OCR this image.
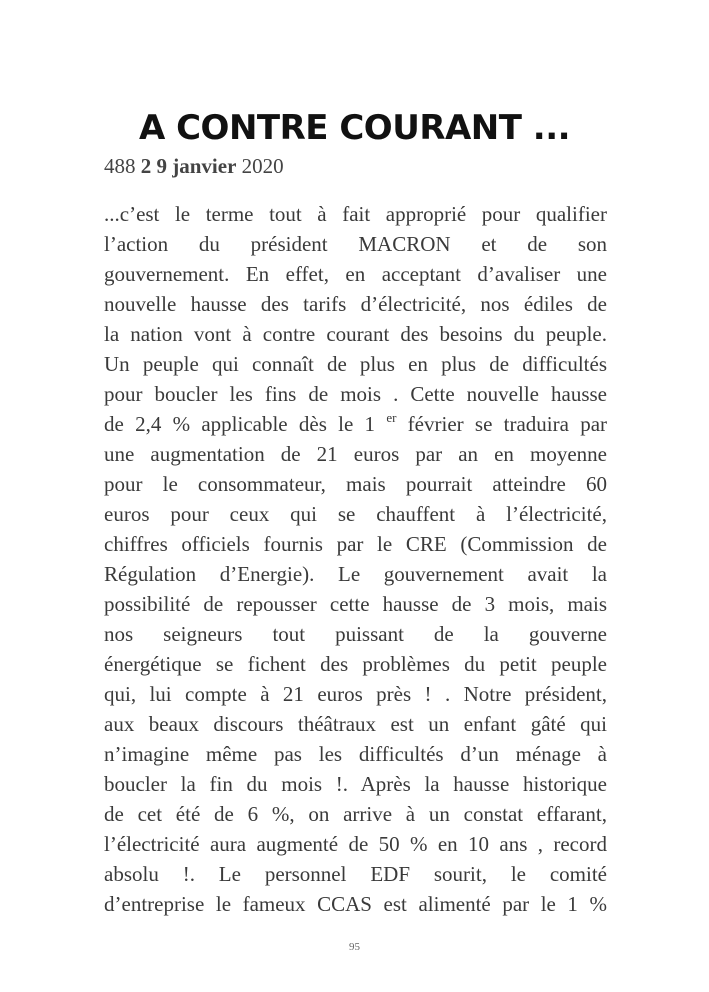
A CONTRE COURANT ...
488 2 9 janvier 2020
...c’est le terme tout à fait approprié pour qualifier
l’action du président MACRON et de son
gouvernement. En effet, en acceptant d’avaliser une
nouvelle hausse des tarifs d’électricité, nos édiles de
la nation vont à contre courant des besoins du peuple.
Un peuple qui connaît de plus en plus de difficultés
pour boucler les fins de mois . Cette nouvelle hausse
de 2,4 % applicable dès le 1 $^{er}$ février se traduira par
une augmentation de 21 euros par an en moyenne
pour le consommateur, mais pourrait atteindre 60
euros pour ceux qui se chauffent à l’électricité,
chiffres officiels fournis par le CRE (Commission de
Régulation d’Energie). Le gouvernement avait la
possibilité de repousser cette hausse de 3 mois, mais
nos seigneurs tout puissant de la gouverne
énergétique se fichent des problèmes du petit peuple
qui, lui compte à 21 euros près ! . Notre président,
aux beaux discours théâtraux est un enfant gâté qui
n’imagine même pas les difficultés d’un ménage à
boucler la fin du mois !. Après la hausse historique
de cet été de 6 %, on arrive à un constat effarant,
l’électricité aura augmenté de 50 % en 10 ans , record
absolu !. Le personnel EDF sourit, le comité
d’entreprise le fameux CCAS est alimenté par le 1 %
95
